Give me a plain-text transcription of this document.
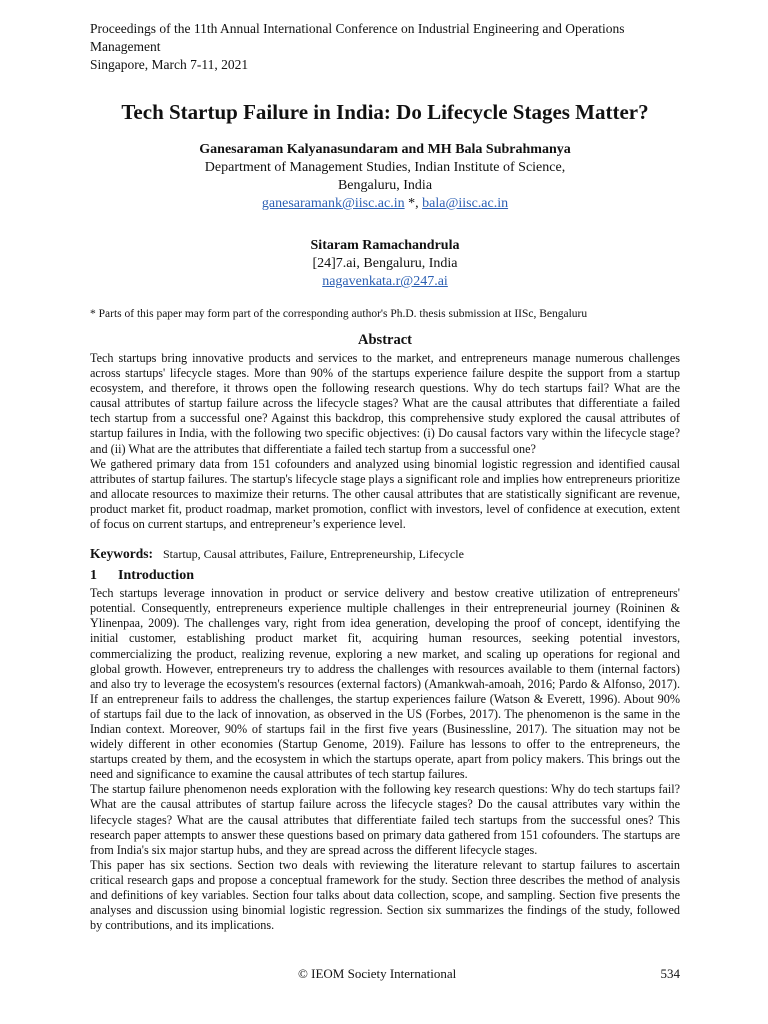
Proceedings of the 11th Annual International Conference on Industrial Engineering and Operations Management
Singapore, March 7-11, 2021
Tech Startup Failure in India: Do Lifecycle Stages Matter?
Ganesaraman Kalyanasundaram and MH Bala Subrahmanya
Department of Management Studies, Indian Institute of Science,
Bengaluru, India
ganesaramank@iisc.ac.in *, bala@iisc.ac.in
Sitaram Ramachandrula
[24]7.ai, Bengaluru, India
nagavenkata.r@247.ai
* Parts of this paper may form part of the corresponding author's Ph.D. thesis submission at IISc, Bengaluru
Abstract

Tech startups bring innovative products and services to the market, and entrepreneurs manage numerous challenges across startups' lifecycle stages. More than 90% of the startups experience failure despite the support from a startup ecosystem, and therefore, it throws open the following research questions. Why do tech startups fail? What are the causal attributes of startup failure across the lifecycle stages? What are the causal attributes that differentiate a failed tech startup from a successful one? Against this backdrop, this comprehensive study explored the causal attributes of startup failures in India, with the following two specific objectives: (i) Do causal factors vary within the lifecycle stage? and (ii) What are the attributes that differentiate a failed tech startup from a successful one?

We gathered primary data from 151 cofounders and analyzed using binomial logistic regression and identified causal attributes of startup failures. The startup's lifecycle stage plays a significant role and implies how entrepreneurs prioritize and allocate resources to maximize their returns. The other causal attributes that are statistically significant are revenue, product market fit, product roadmap, market promotion, conflict with investors, level of confidence at execution, extent of focus on current startups, and entrepreneur’s experience level.

Keywords: Startup, Causal attributes, Failure, Entrepreneurship, Lifecycle
1 Introduction

Tech startups leverage innovation in product or service delivery and bestow creative utilization of entrepreneurs' potential. Consequently, entrepreneurs experience multiple challenges in their entrepreneurial journey (Roininen & Ylinenpaa, 2009). The challenges vary, right from idea generation, developing the proof of concept, identifying the initial customer, establishing product market fit, acquiring human resources, seeking potential investors, commercializing the product, realizing revenue, exploring a new market, and scaling up operations for regional and global growth. However, entrepreneurs try to address the challenges with resources available to them (internal factors) and also try to leverage the ecosystem's resources (external factors) (Amankwah-amoah, 2016; Pardo & Alfonso, 2017). If an entrepreneur fails to address the challenges, the startup experiences failure (Watson & Everett, 1996). About 90% of startups fail due to the lack of innovation, as observed in the US (Forbes, 2017). The phenomenon is the same in the Indian context. Moreover, 90% of startups fail in the first five years (Businessline, 2017). The situation may not be widely different in other economies (Startup Genome, 2019). Failure has lessons to offer to the entrepreneurs, the startups created by them, and the ecosystem in which the startups operate, apart from policy makers. This brings out the need and significance to examine the causal attributes of tech startup failures.

The startup failure phenomenon needs exploration with the following key research questions: Why do tech startups fail? What are the causal attributes of startup failure across the lifecycle stages? Do the causal attributes vary within the lifecycle stages? What are the causal attributes that differentiate failed tech startups from the successful ones? This research paper attempts to answer these questions based on primary data gathered from 151 cofounders. The startups are from India's six major startup hubs, and they are spread across the different lifecycle stages.

This paper has six sections. Section two deals with reviewing the literature relevant to startup failures to ascertain critical research gaps and propose a conceptual framework for the study. Section three describes the method of analysis and definitions of key variables. Section four talks about data collection, scope, and sampling. Section five presents the analyses and discussion using binomial logistic regression. Section six summarizes the findings of the study, followed by contributions, and its implications.

© IEOM Society International	534
